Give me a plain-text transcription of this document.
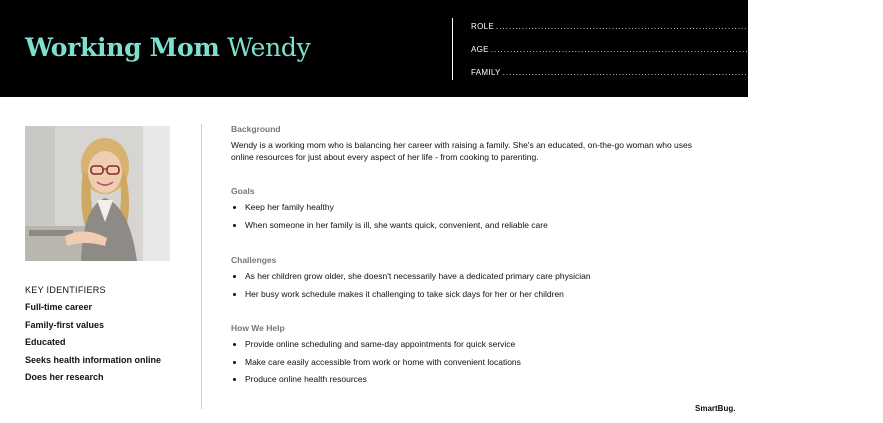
Working Mom Wendy
ROLE ........................................................................................ Healthcare decision maker
AGE ........................................................................................ 30 to 50
FAMILY ........................................................................................ Kids under 18
KEY IDENTIFIERS
Full-time career
Family-first values
Educated
Seeks health information online
Does her research
Background
Wendy is a working mom who is balancing her career with raising a family. She's an educated, on-the-go woman who uses online resources for just about every aspect of her life - from cooking to parenting.
Goals
Keep her family healthy
When someone in her family is ill, she wants quick, convenient, and reliable care
Challenges
As her children grow older, she doesn't necessarily have a dedicated primary care physician
Her busy work schedule makes it challenging to take sick days for her or her children
How We Help
Provide online scheduling and same-day appointments for quick service
Make care easily accessible from work or home with convenient locations
Produce online health resources
SmartBug.
